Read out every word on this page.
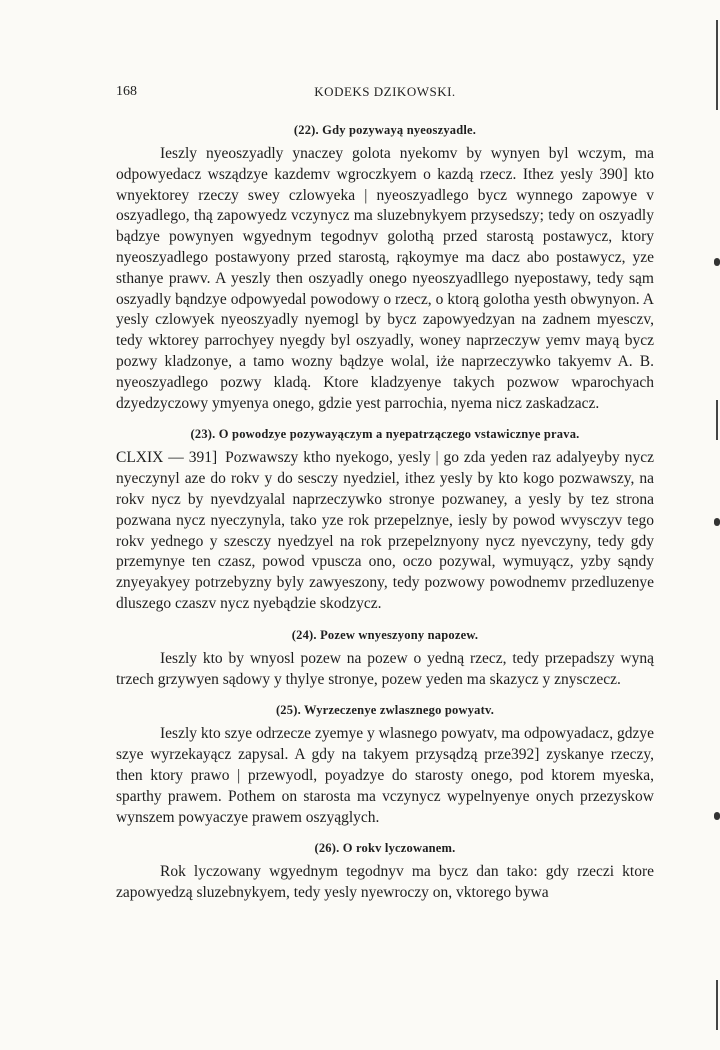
KODEKS DZIKOWSKI.
168
(22). Gdy pozywayą nyeoszyadle.

Ieszly nyeoszyadly ynaczey golota nyekomv by wynyen byl wczym, ma odpowyedacz wsządzye kazdemv wgroczkyem o kazdą rzecz. Ithez yesly 390] kto wnyektorey rzeczy swey czlowyeka | nyeoszyadlego bycz wynnego zapowye v oszyadlego, thą zapowyedz vczynycz ma sluzebnykyem przysedszy; tedy on oszyadly bądzye powynyen wgyednym tegodnyv golothą przed starostą postawycz, ktory nyeoszyadlego postawyony przed starostą, rąkoymye ma dacz abo postawycz, yze sthanye prawv. A yeszly then oszyadly onego nyeoszyadllego nyepostawy, tedy sąm oszyadly bąndzye odpowyedal powodowy o rzecz, o ktorą golotha yesth obwynyon. A yesly czlowyek nyeoszyadly nyemogl by bycz zapowyedzyan na zadnem myesczv, tedy wktorey parrochyey nyegdy byl oszyadly, woney naprzeczyw yemv mayą bycz pozwy kladzonye, a tamo wozny bądzye wolal, iże naprzeczywko takyemv A. B. nyeoszyadlego pozwy kladą. Ktore kladzyenye takych pozwow wparochyach dzyedzyczowy ymyenya onego, gdzie yest parrochia, nyema nicz zaskadzacz.

(23). O powodzye pozywayączym a nyepatrzączego vstawicznye prava.

CLXIX — 391] Pozwawszy ktho nyekogo, yesly | go zda yeden raz adalyeyby nycz nyeczynyl aze do rokv y do sesczy nyedziel, ithez yesly by kto kogo pozwawszy, na rokv nycz by nyevdzyalal naprzeczywko stronye pozwaney, a yesly by tez strona pozwana nycz nyeczynyla, tako yze rok przepelznye, iesly by powod wvysczyv tego rokv yednego y szesczy nyedzyel na rok przepelznyony nycz nyevczyny, tedy gdy przemynye ten czasz, powod vpuscza ono, oczo pozywal, wymuyącz, yzby sąndy znyeyakyey potrzebyzny byly zawyeszony, tedy pozwowy powodnemv przedluzenye dluszego czaszv nycz nyebądzie skodzycz.

(24). Pozew wnyeszyony napozew.

Ieszly kto by wnyosl pozew na pozew o yedną rzecz, tedy przepadszy wyną trzech grzywyen sądowy y thylye stronye, pozew yeden ma skazycz y znysczecz.

(25). Wyrzeczenye zwlasznego powyatv.

Ieszly kto szye odrzecze zyemye y wlasnego powyatv, ma odpowyadacz, gdzye szye wyrzekayącz zapysal. A gdy na takyem przysądzą prze392] zyskanye rzeczy, then ktory prawo | przewyodl, poyadzye do starosty onego, pod ktorem myeska, sparthy prawem. Pothem on starosta ma vczynycz wypelnyenye onych przezyskow wynszem powyaczye prawem oszyąglych.

(26). O rokv lyczowanem.

Rok lyczowany wgyednym tegodnyv ma bycz dan tako: gdy rzeczi ktore zapowyedzą sluzebnykyem, tedy yesly nyewroczy on, vktorego bywa
